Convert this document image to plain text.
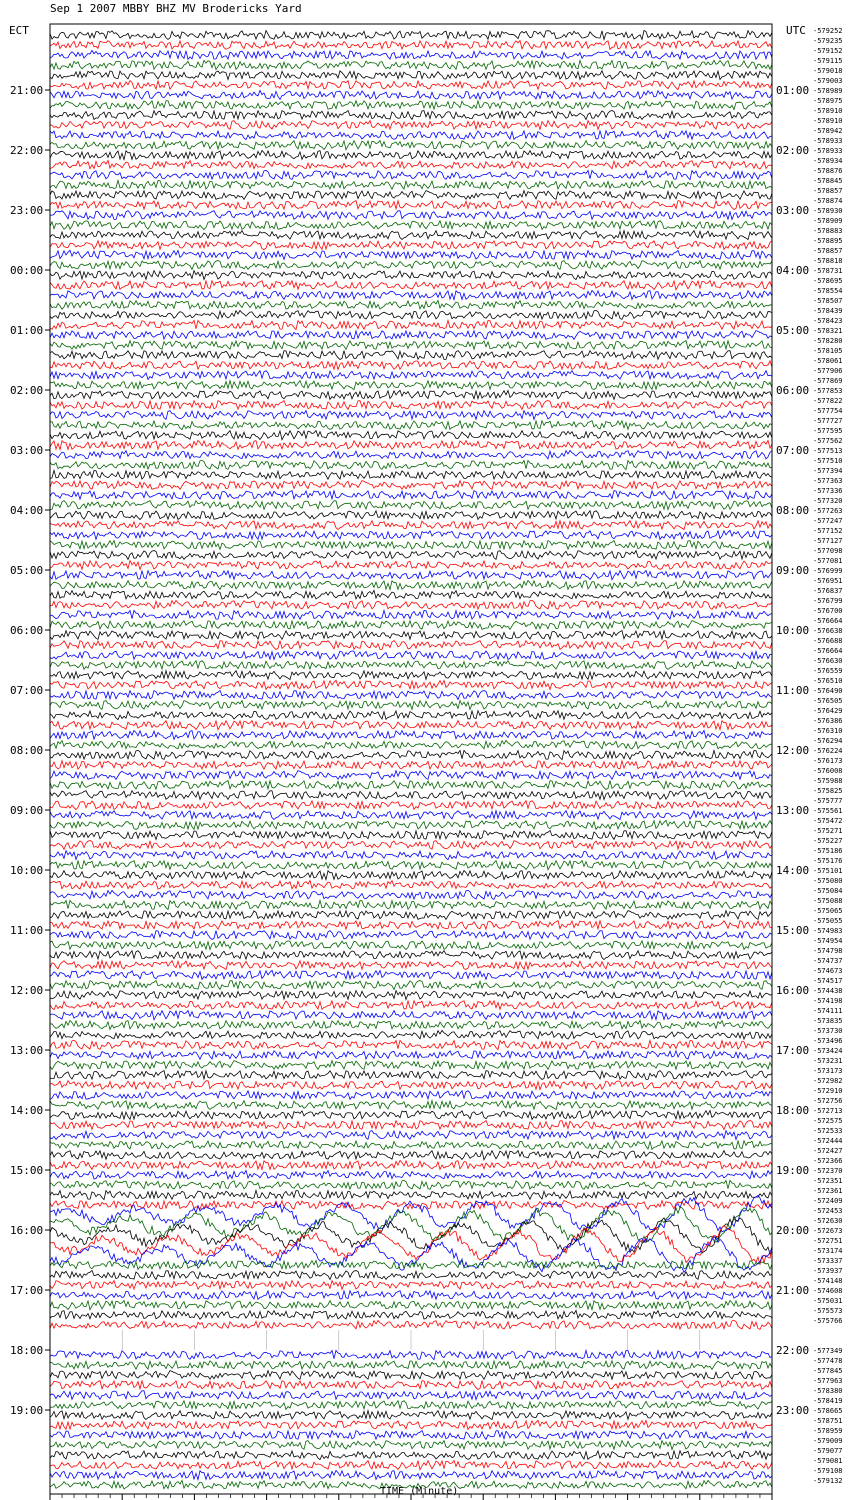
Sep 1 2007 MBBY BHZ MV Brodericks Yard
ECT	UTC
21:00
22:00
23:00
00:00
01:00
02:00
03:00
04:00
05:00
06:00
07:00
08:00
09:00
10:00
11:00
12:00
13:00
14:00
15:00
16:00
17:00
18:00
19:00
01:00
02:00
03:00
04:00
05:00
06:00
07:00
08:00
09:00
10:00
11:00
12:00
13:00
14:00
15:00
16:00
17:00
18:00
19:00
20:00
21:00
22:00
23:00
-579252
-579235
-579152
-579115
-579018
-579003
-578989
-578975
-578910
-578910
-578942
-578933
-578933
-578934
-578876
-578845
-578857
-578874
-578930
-578909
-578883
-578895
-578857
-578818
-578731
-578695
-578554
-578507
-578439
-578423
-578321
-578280
-578105
-578061
-577906
-577869
-577853
-577822
-577754
-577727
-577595
-577562
-577513
-577510
-577394
-577363
-577336
-577320
-577263
-577247
-577152
-577127
-577098
-577081
-576999
-576951
-576837
-576799
-576700
-576664
-576638
-576688
-576664
-576630
-576559
-576510
-576490
-576505
-576429
-576386
-576310
-576294
-576224
-576173
-576008
-575988
-575825
-575777
-575561
-575472
-575271
-575227
-575186
-575176
-575101
-575080
-575084
-575088
-575065
-575055
-574983
-574954
-574798
-574737
-574673
-574517
-574438
-574198
-574111
-573835
-573730
-573496
-573424
-573231
-573173
-572982
-572910
-572756
-572713
-572575
-572533
-572444
-572427
-572366
-572370
-572351
-572361
-572409
-572453
-572630
-572673
-572751
-573174
-573337
-573937
-574148
-574608
-575031
-575573
-575766
-577349
-577478
-577845
-577963
-578380
-578419
-578665
-578751
-578959
-579009
-579077
-579081
-579108
-579132
TIME (Minute)
